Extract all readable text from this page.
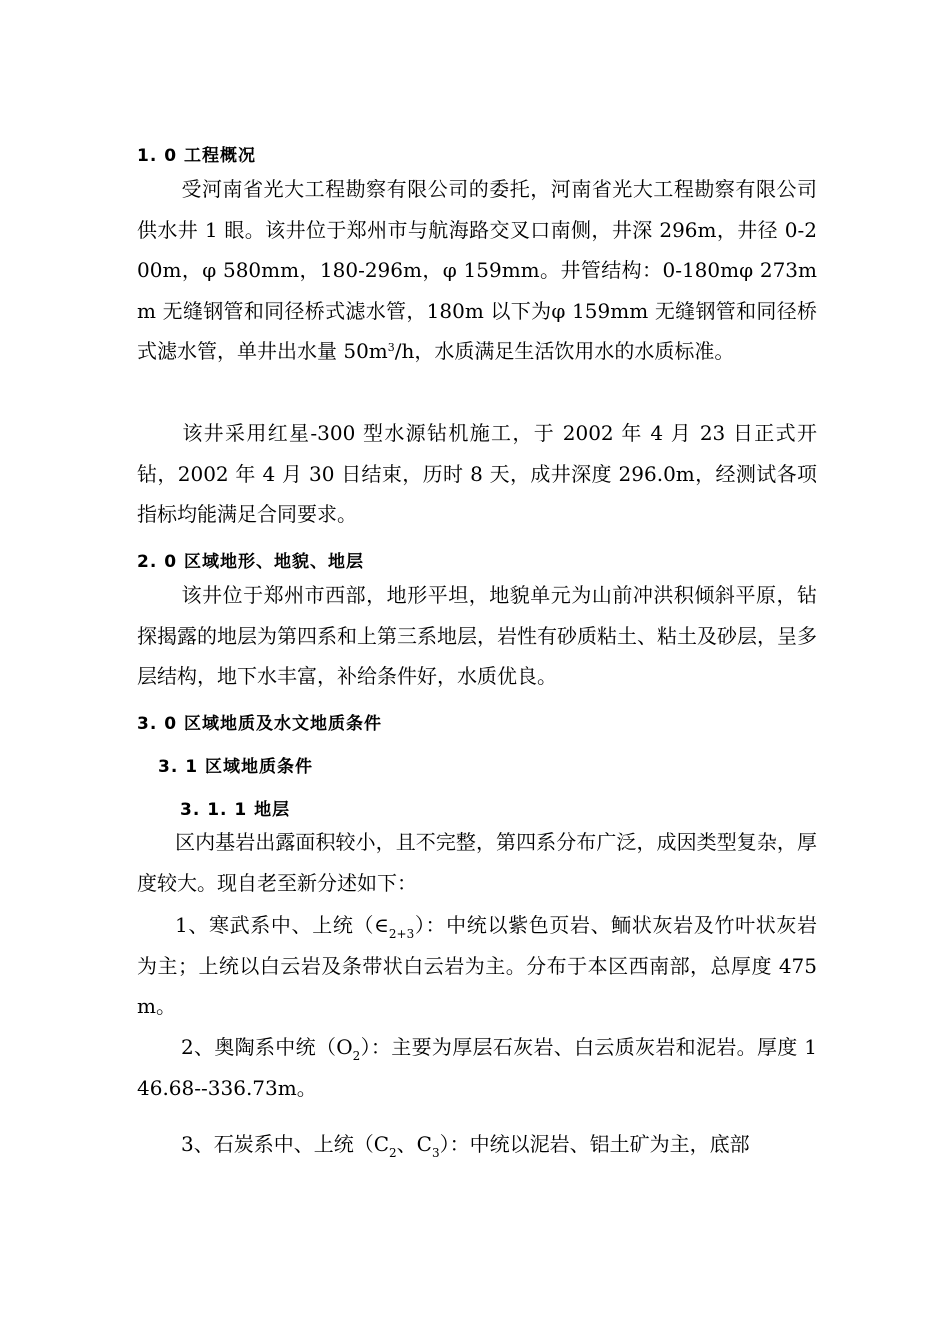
1. 0 工程概况

受河南省光大工程勘察有限公司的委托，河南省光大工程勘察有限公司供水井 1 眼。该井位于郑州市与航海路交叉口南侧，井深 296m，井径 0-200m，φ 580mm，180-296m，φ 159mm。井管结构：0-180mφ 273mm 无缝钢管和同径桥式滤水管，180m 以下为φ 159mm 无缝钢管和同径桥式滤水管，单井出水量 $50m^3/h$，水质满足生活饮用水的水质标准。

该井采用红星-300 型水源钻机施工，于 2002 年 4 月 23 日正式开钻，2002 年 4 月 30 日结束，历时 8 天，成井深度 296.0m，经测试各项指标均能满足合同要求。

2. 0 区域地形、地貌、地层

该井位于郑州市西部，地形平坦，地貌单元为山前冲洪积倾斜平原，钻探揭露的地层为第四系和上第三系地层，岩性有砂质粘土、粘土及砂层，呈多层结构，地下水丰富，补给条件好，水质优良。

3. 0 区域地质及水文地质条件
3. 1 区域地质条件
3. 1. 1 地层

区内基岩出露面积较小，且不完整，第四系分布广泛，成因类型复杂，厚度较大。现自老至新分述如下：

1、寒武系中、上统$(\in_{2+3})$：中统以紫色页岩、鲕状灰岩及竹叶状灰岩为主；上统以白云岩及条带状白云岩为主。分布于本区西南部，总厚度 475m。

2、奥陶系中统$(O_2)$：主要为厚层石灰岩、白云质灰岩和泥岩。厚度 146.68--336.73m。

3、石炭系中、上统（$C_2$、$C_3$）：中统以泥岩、铝土矿为主，底部
